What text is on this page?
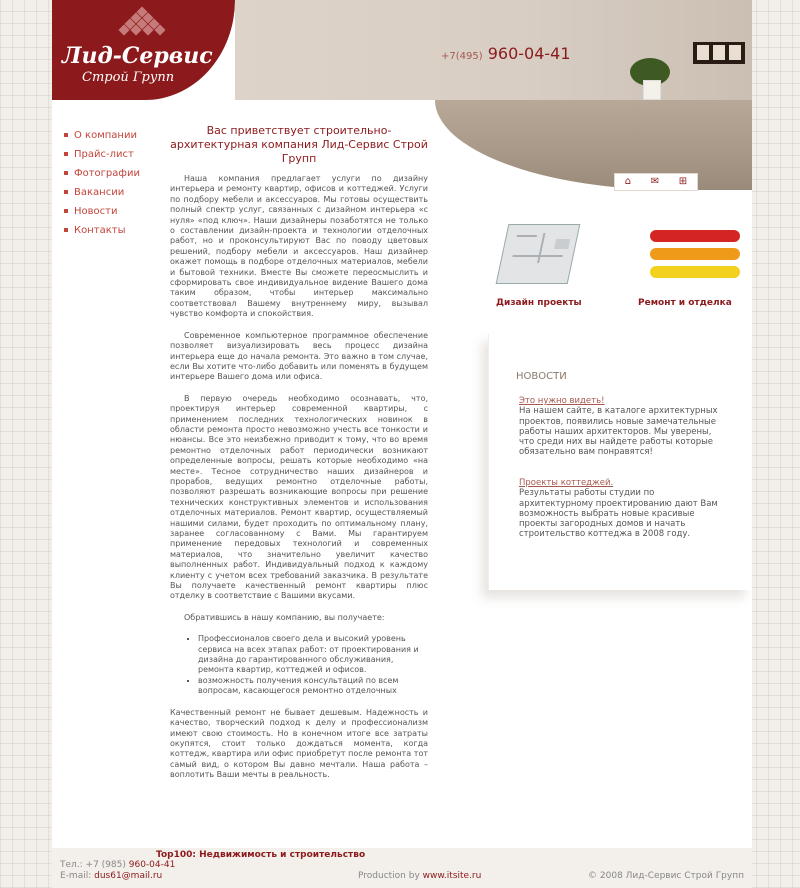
+7(495) 960-04-41
Лид-Сервис
Строй Групп
⌂ ✉ ⊞
О компании
Прайс-лист
Фотографии
Вакансии
Новости
Контакты
Вас приветствует строительно-архитектурная компания Лид-Сервис Строй Групп

Наша компания предлагает услуги по дизайну интерьера и ремонту квартир, офисов и коттеджей. Услуги по подбору мебели и аксессуаров. Мы готовы осуществить полный спектр услуг, связанных с дизайном интерьера «с нуля» «под ключ». Наши дизайнеры позаботятся не только о составлении дизайн-проекта и технологии отделочных работ, но и проконсультируют Вас по поводу цветовых решений, подбору мебели и аксессуаров. Наш дизайнер окажет помощь в подборе отделочных материалов, мебели и бытовой техники. Вместе Вы сможете переосмыслить и сформировать свое индивидуальное видение Вашего дома таким образом, чтобы интерьер максимально соответствовал Вашему внутреннему миру, вызывал чувство комфорта и спокойствия.

Современное компьютерное программное обеспечение позволяет визуализировать весь процесс дизайна интерьера еще до начала ремонта. Это важно в том случае, если Вы хотите что-либо добавить или поменять в будущем интерьере Вашего дома или офиса.

В первую очередь необходимо осознавать, что, проектируя интерьер современной квартиры, с применением последних технологических новинок в области ремонта просто невозможно учесть все тонкости и нюансы. Все это неизбежно приводит к тому, что во время ремонтно отделочных работ периодически возникают определенные вопросы, решать которые необходимо «на месте». Тесное сотрудничество наших дизайнеров и прорабов, ведущих ремонтно отделочные работы, позволяют разрешать возникающие вопросы при решение технических конструктивных элементов и использования отделочных материалов. Ремонт квартир, осуществляемый нашими силами, будет проходить по оптимальному плану, заранее согласованному с Вами. Мы гарантируем применение передовых технологий и современных материалов, что значительно увеличит качество выполненных работ. Индивидуальный подход к каждому клиенту с учетом всех требований заказчика. В результате Вы получаете качественный ремонт квартиры плюс отделку в соответствие с Вашими вкусами.

Обратившись в нашу компанию, вы получаете:

▪ Профессионалов своего дела и высокий уровень сервиса на всех этапах работ: от проектирования и дизайна до гарантированного обслуживания, ремонта квартир, коттеджей и офисов.
▪ возможность получения консультаций по всем вопросам, касающегося ремонтно отделочных

Качественный ремонт не бывает дешевым. Надежность и качество, творческий подход к делу и профессионализм имеют свою стоимость. Но в конечном итоге все затраты окупятся, стоит только дождаться момента, когда коттедж, квартира или офис приобретут после ремонта тот самый вид, о котором Вы давно мечтали. Наша работа – воплотить Ваши мечты в реальность.

Дизайн проекты	Ремонт и отделка
НОВОСТИ
Это нужно видеть!
На нашем сайте, в каталоге архитектурных проектов, появились новые замечательные работы наших архитекторов. Мы уверены, что среди них вы найдете работы которые обязательно вам понравятся!
Проекты коттеджей.
Результаты работы студии по архитектурному проектированию дают Вам возможность выбрать новые красивые проекты загородных домов и начать строительство коттеджа в 2008 году.
Тел.: +7 (985) 960-04-41
E-mail: dus61@mail.ru
Top100: Недвижимость и строительство
Production by www.itsite.ru	© 2008 Лид-Сервис Строй Групп
